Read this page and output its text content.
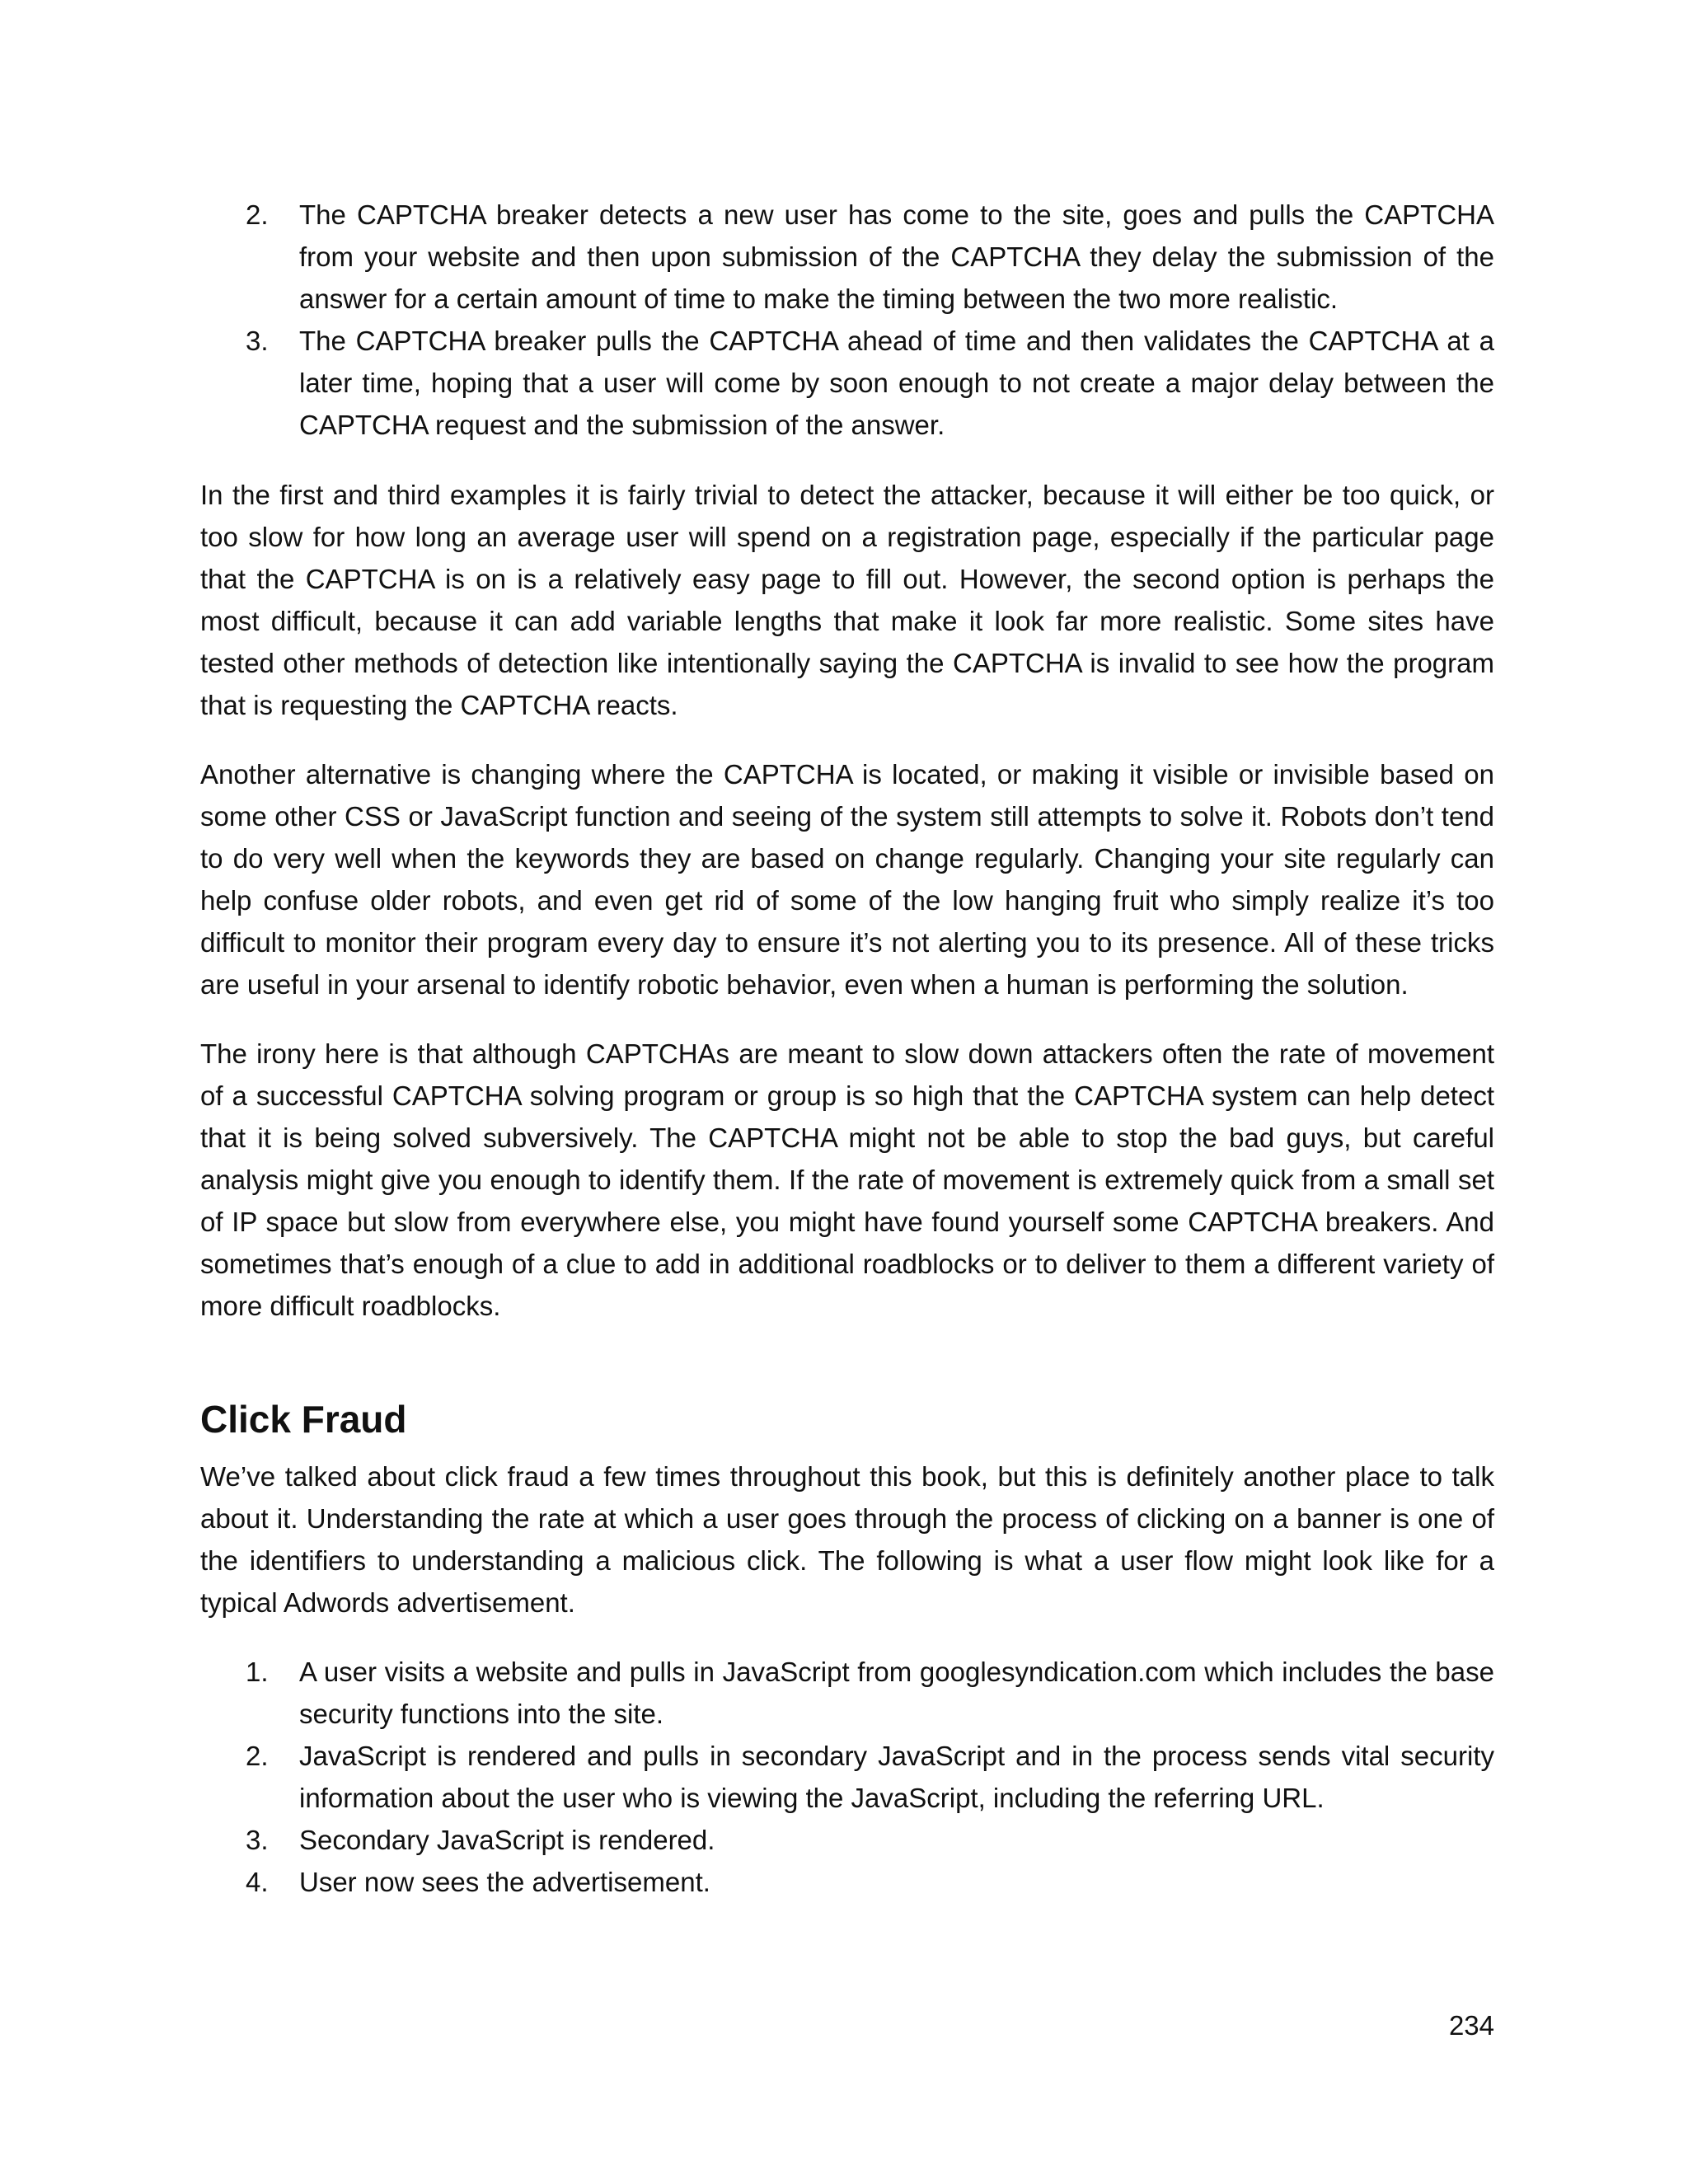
2.	The CAPTCHA breaker detects a new user has come to the site, goes and pulls the CAPTCHA from your website and then upon submission of the CAPTCHA they delay the submission of the answer for a certain amount of time to make the timing between the two more realistic.
3.	The CAPTCHA breaker pulls the CAPTCHA ahead of time and then validates the CAPTCHA at a later time, hoping that a user will come by soon enough to not create a major delay between the CAPTCHA request and the submission of the answer.

In the first and third examples it is fairly trivial to detect the attacker, because it will either be too quick, or too slow for how long an average user will spend on a registration page, especially if the particular page that the CAPTCHA is on is a relatively easy page to fill out. However, the second option is perhaps the most difficult, because it can add variable lengths that make it look far more realistic. Some sites have tested other methods of detection like intentionally saying the CAPTCHA is invalid to see how the program that is requesting the CAPTCHA reacts.

Another alternative is changing where the CAPTCHA is located, or making it visible or invisible based on some other CSS or JavaScript function and seeing of the system still attempts to solve it. Robots don’t tend to do very well when the keywords they are based on change regularly. Changing your site regularly can help confuse older robots, and even get rid of some of the low hanging fruit who simply realize it’s too difficult to monitor their program every day to ensure it’s not alerting you to its presence. All of these tricks are useful in your arsenal to identify robotic behavior, even when a human is performing the solution.

The irony here is that although CAPTCHAs are meant to slow down attackers often the rate of movement of a successful CAPTCHA solving program or group is so high that the CAPTCHA system can help detect that it is being solved subversively. The CAPTCHA might not be able to stop the bad guys, but careful analysis might give you enough to identify them. If the rate of movement is extremely quick from a small set of IP space but slow from everywhere else, you might have found yourself some CAPTCHA breakers. And sometimes that’s enough of a clue to add in additional roadblocks or to deliver to them a different variety of more difficult roadblocks.

Click Fraud

We’ve talked about click fraud a few times throughout this book, but this is definitely another place to talk about it. Understanding the rate at which a user goes through the process of clicking on a banner is one of the identifiers to understanding a malicious click. The following is what a user flow might look like for a typical Adwords advertisement.

1.	A user visits a website and pulls in JavaScript from googlesyndication.com which includes the base security functions into the site.
2.	JavaScript is rendered and pulls in secondary JavaScript and in the process sends vital security information about the user who is viewing the JavaScript, including the referring URL.
3.	Secondary JavaScript is rendered.
4.	User now sees the advertisement.
234
